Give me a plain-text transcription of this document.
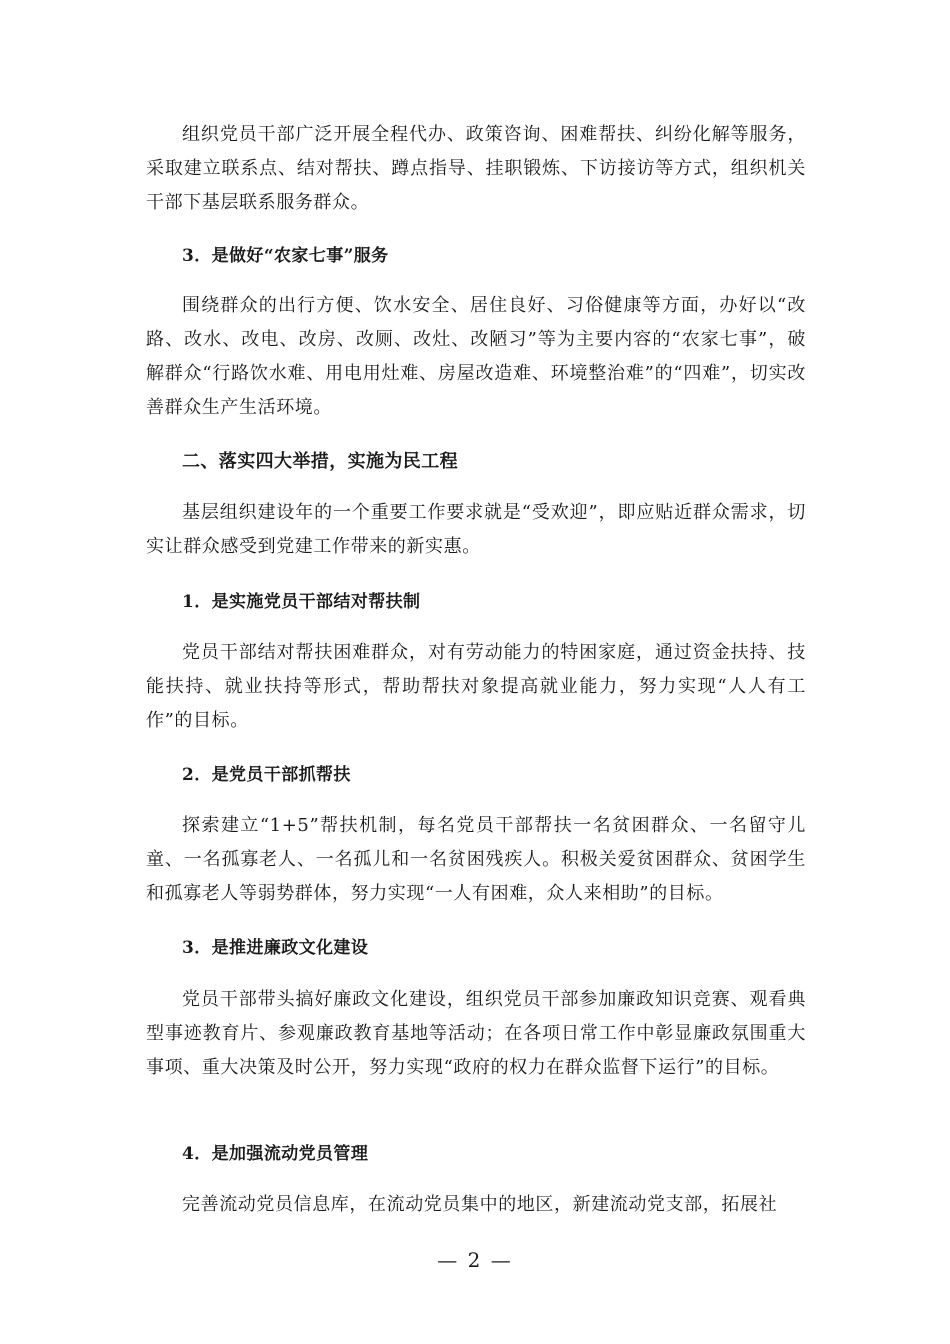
组织党员干部广泛开展全程代办、政策咨询、困难帮扶、纠纷化解等服务，采取建立联系点、结对帮扶、蹲点指导、挂职锻炼、下访接访等方式，组织机关干部下基层联系服务群众。

3．是做好“农家七事”服务

围绕群众的出行方便、饮水安全、居住良好、习俗健康等方面，办好以“改路、改水、改电、改房、改厕、改灶、改陋习”等为主要内容的“农家七事”，破解群众“行路饮水难、用电用灶难、房屋改造难、环境整治难”的“四难”，切实改善群众生产生活环境。

二、落实四大举措，实施为民工程

基层组织建设年的一个重要工作要求就是“受欢迎”，即应贴近群众需求，切实让群众感受到党建工作带来的新实惠。

1．是实施党员干部结对帮扶制

党员干部结对帮扶困难群众，对有劳动能力的特困家庭，通过资金扶持、技能扶持、就业扶持等形式，帮助帮扶对象提高就业能力，努力实现“人人有工作”的目标。

2．是党员干部抓帮扶

探索建立“1+5”帮扶机制，每名党员干部帮扶一名贫困群众、一名留守儿童、一名孤寡老人、一名孤儿和一名贫困残疾人。积极关爱贫困群众、贫困学生和孤寡老人等弱势群体，努力实现“一人有困难，众人来相助”的目标。

3．是推进廉政文化建设

党员干部带头搞好廉政文化建设，组织党员干部参加廉政知识竞赛、观看典型事迹教育片、参观廉政教育基地等活动；在各项日常工作中彰显廉政氛围重大事项、重大决策及时公开，努力实现“政府的权力在群众监督下运行”的目标。

4．是加强流动党员管理

完善流动党员信息库，在流动党员集中的地区，新建流动党支部，拓展社

— 2 —
